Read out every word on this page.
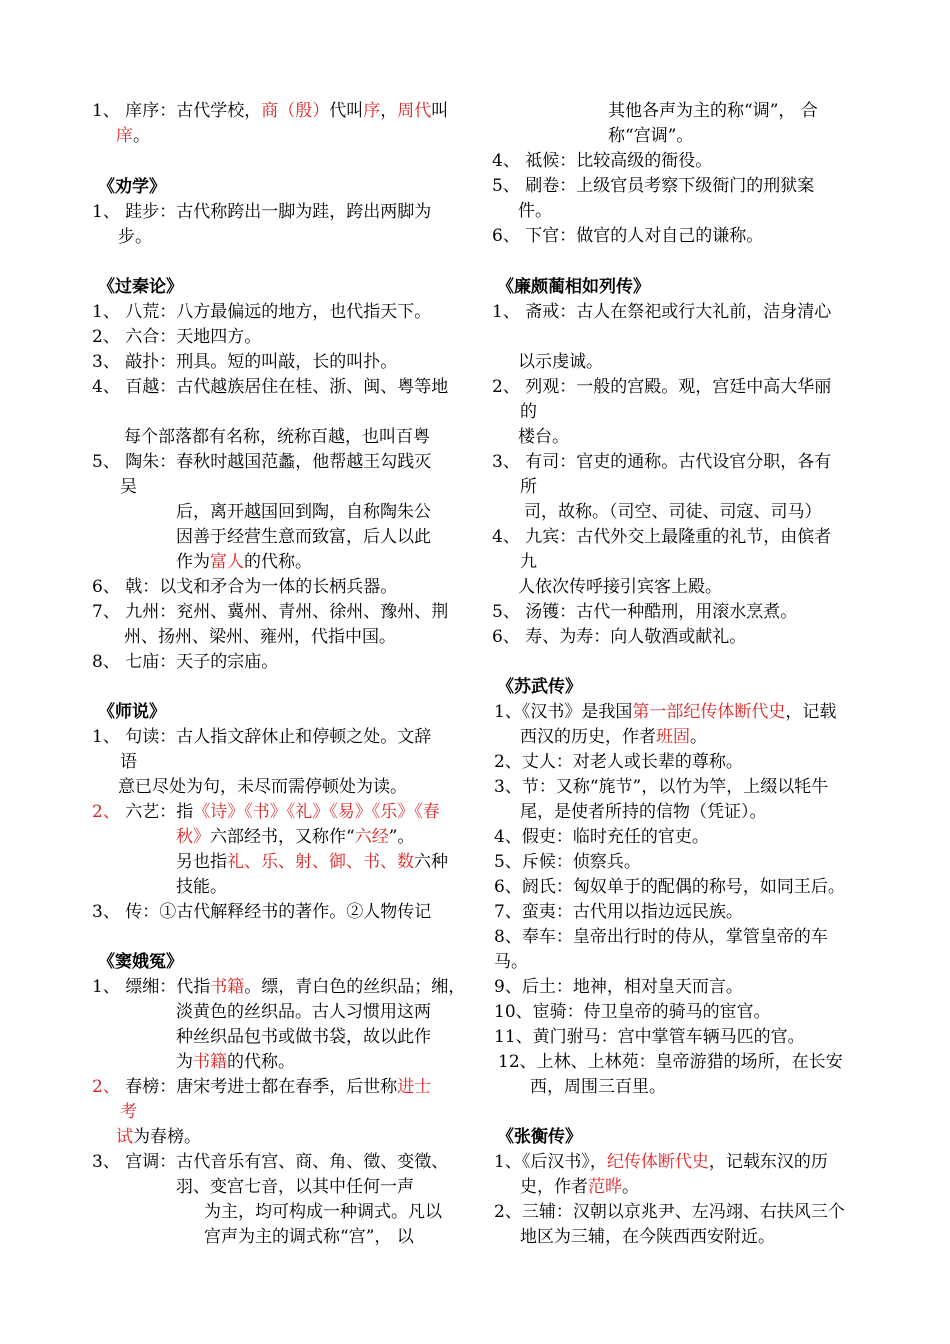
1、 庠序：古代学校，商（殷）代叫序，周代叫
庠。
《劝学》
1、 跬步：古代称跨出一脚为跬，跨出两脚为
步。
《过秦论》
1、 八荒：八方最偏远的地方，也代指天下。
2、 六合：天地四方。
3、 敲扑：刑具。短的叫敲，长的叫扑。
4、 百越：古代越族居住在桂、浙、闽、粤等地
每个部落都有名称，统称百越，也叫百粤
5、 陶朱：春秋时越国范蠡，他帮越王勾践灭
吴
后，离开越国回到陶，自称陶朱公
因善于经营生意而致富，后人以此
作为富人的代称。
6、 戟：以戈和矛合为一体的长柄兵器。
7、 九州：兖州、冀州、青州、徐州、豫州、荆
州、扬州、梁州、雍州，代指中国。
8、 七庙：天子的宗庙。
《师说》
1、 句读：古人指文辞休止和停顿之处。文辞
语
意已尽处为句，未尽而需停顿处为读。
2、 六艺：指《诗》《书》《礼》《易》《乐》《春
秋》六部经书，又称作“六经”。
另也指礼、乐、射、御、书、数六种
技能。
3、 传：①古代解释经书的著作。②人物传记
《窦娥冤》
1、 缥缃：代指书籍。缥，青白色的丝织品；缃，
淡黄色的丝织品。古人习惯用这两
种丝织品包书或做书袋，故以此作
为书籍的代称。
2、 春榜：唐宋考进士都在春季，后世称进士
考
试为春榜。
3、 宫调：古代音乐有宫、商、角、徵、变徵、
羽、变宫七音，以其中任何一声
为主，均可构成一种调式。凡以
宫声为主的调式称“宫”， 以
其他各声为主的称“调”， 合
称“宫调”。
4、 祗候：比较高级的衙役。
5、 刷卷：上级官员考察下级衙门的刑狱案
件。
6、 下官：做官的人对自己的谦称。
《廉颇蔺相如列传》
1、 斋戒：古人在祭祀或行大礼前，洁身清心
以示虔诚。
2、 列观：一般的宫殿。观，宫廷中高大华丽
的
楼台。
3、 有司：官吏的通称。古代设官分职，各有
所
司，故称。（司空、司徒、司寇、司马）
4、 九宾：古代外交上最隆重的礼节，由傧者
九
人依次传呼接引宾客上殿。
5、 汤镬：古代一种酷刑，用滚水烹煮。
6、 寿、为寿：向人敬酒或献礼。
《苏武传》
1、《汉书》是我国第一部纪传体断代史，记载
西汉的历史，作者班固。
2、丈人：对老人或长辈的尊称。
3、节：又称“旄节”，以竹为竿，上缀以牦牛
尾，是使者所持的信物（凭证）。
4、假吏：临时充任的官吏。
5、斥候：侦察兵。
6、阏氏：匈奴单于的配偶的称号，如同王后。
7、蛮夷：古代用以指边远民族。
8、奉车：皇帝出行时的侍从，掌管皇帝的车
马。
9、后土：地神，相对皇天而言。
10、宦骑：侍卫皇帝的骑马的宦官。
11、黄门驸马：宫中掌管车辆马匹的官。
12、上林、上林苑：皇帝游猎的场所，在长安
西，周围三百里。
《张衡传》
1、《后汉书》，纪传体断代史，记载东汉的历
史，作者范晔。
2、三辅：汉朝以京兆尹、左冯翊、右扶风三个
地区为三辅，在今陕西西安附近。
